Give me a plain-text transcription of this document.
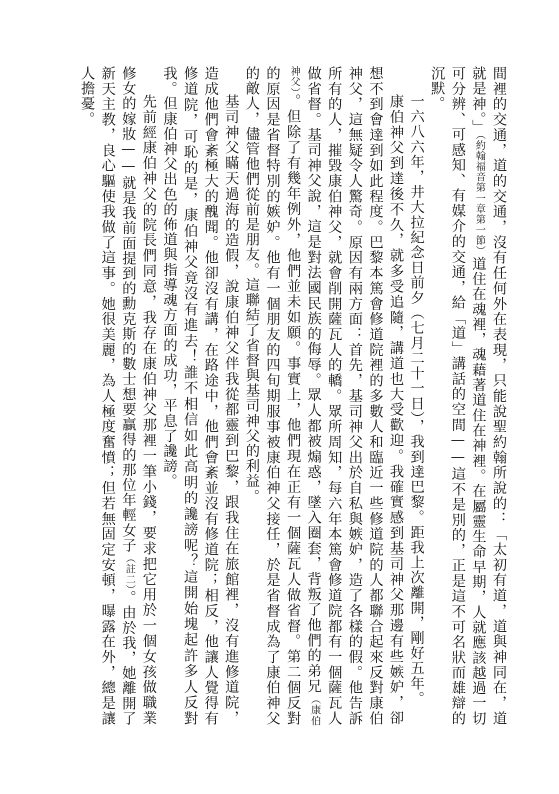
間裡的交通，道的交通，沒有任何外在表現，只能說聖約翰所說的：「太初有道，道與神同在，道就是神。」（約翰福音第一章第一節）道住在魂裡，魂藉著道住在神裡。在屬靈生命早期，人就應該越過一切可分辨、可感知、有媒介的交通，給「道」講話的空間——這不是別的，正是這不可名狀而雄辯的沉默。

一六八六年，井大拉紀念日前夕（七月二十一日），我到達巴黎。距我上次離開，剛好五年。

康伯神父到達後不久，就多受追隨，講道也大受歡迎。我確實感到基司神父那邊有些嫉妒，卻想不到會達到如此程度。巴黎本篤會修道院裡的多數人和臨近一些修道院的人都聯合起來反對康伯神父，這無疑令人驚奇。原因有兩方面：首先，基司神父出於自私與嫉妒，造了各樣的假。他告訴所有的人，摧毀康伯神父，就會削開薩瓦人的轎。眾所周知，每六年本篤會修道院都有一個薩瓦人做省督。基司神父說，這是對法國民族的侮辱。眾人都被煽惑，墜入圈套，背叛了他們的弟兄（康伯神父）。但除了有幾年例外，他們並未如願。事實上，他們現在正有一個薩瓦人做省督。第二個反對的原因是省督特別的嫉妒。他有一個朋友的四旬期服事被康伯神父接任，於是省督成為了康伯神父的敵人，儘管他們從前是朋友。這聯結了省督與基司神父的利益。

基司神父瞞天過海的造假，說康伯神父伴我從都靈到巴黎，跟我住在旅館裡，沒有進修道院，造成他們會紊極大的醜聞。他卻沒有講，在路途中，他們會紊並沒有修道院；相反，他讓人覺得有修道院，可恥的是，康伯神父竟沒有進去！誰不相信如此高明的讒謗呢？這開始塊起許多人反對我。但康伯神父出色的佈道與指導魂方面的成功，平息了讒謗。

先前經康伯神父的院長們同意，我存在康伯神父那裡一筆小錢，要求把它用於一個女孩做職業修女的嫁妝——就是我前面提到的勳克斯的數士想要贏得的那位年輕女子（註二）。由於我，她離開了新天主教，良心驅使我做了這事。她很美麗，為人極度奮憤；但若無固定安頓，曝露在外，總是讓人擔憂。
